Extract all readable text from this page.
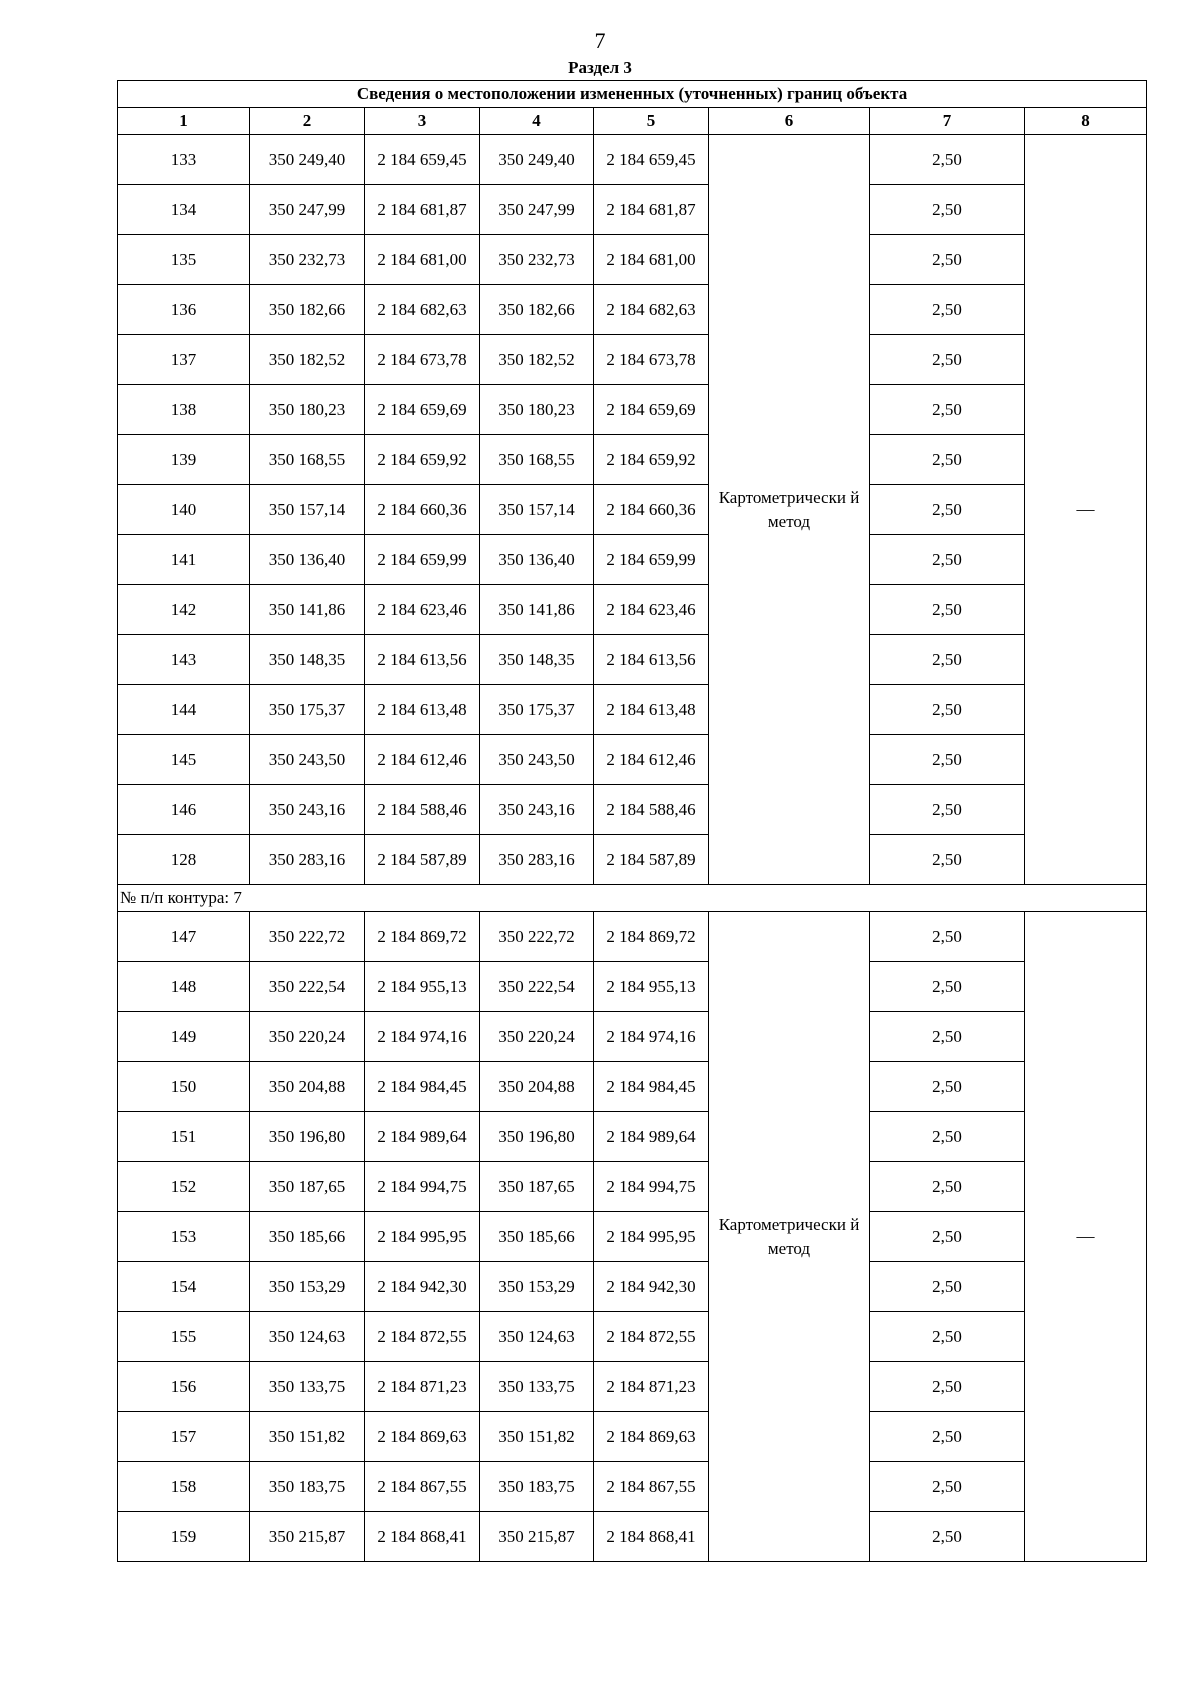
7
Раздел 3
Сведения о местоположении измененных (уточненных) границ объекта							
1	2	3	4	5	6	7	8
133	350 249,40	2 184 659,45	350 249,40	2 184 659,45	Картометрически й метод	2,50	—
134	350 247,99	2 184 681,87	350 247,99	2 184 681,87		2,50	
135	350 232,73	2 184 681,00	350 232,73	2 184 681,00		2,50	
136	350 182,66	2 184 682,63	350 182,66	2 184 682,63		2,50	
137	350 182,52	2 184 673,78	350 182,52	2 184 673,78		2,50	
138	350 180,23	2 184 659,69	350 180,23	2 184 659,69		2,50	
139	350 168,55	2 184 659,92	350 168,55	2 184 659,92		2,50	
140	350 157,14	2 184 660,36	350 157,14	2 184 660,36		2,50	
141	350 136,40	2 184 659,99	350 136,40	2 184 659,99		2,50	
142	350 141,86	2 184 623,46	350 141,86	2 184 623,46		2,50	
143	350 148,35	2 184 613,56	350 148,35	2 184 613,56		2,50	
144	350 175,37	2 184 613,48	350 175,37	2 184 613,48		2,50	
145	350 243,50	2 184 612,46	350 243,50	2 184 612,46		2,50	
146	350 243,16	2 184 588,46	350 243,16	2 184 588,46		2,50	
128	350 283,16	2 184 587,89	350 283,16	2 184 587,89		2,50	
№ п/п контура: 7							
147	350 222,72	2 184 869,72	350 222,72	2 184 869,72	Картометрически й метод	2,50	—
148	350 222,54	2 184 955,13	350 222,54	2 184 955,13		2,50	
149	350 220,24	2 184 974,16	350 220,24	2 184 974,16		2,50	
150	350 204,88	2 184 984,45	350 204,88	2 184 984,45		2,50	
151	350 196,80	2 184 989,64	350 196,80	2 184 989,64		2,50	
152	350 187,65	2 184 994,75	350 187,65	2 184 994,75		2,50	
153	350 185,66	2 184 995,95	350 185,66	2 184 995,95		2,50	
154	350 153,29	2 184 942,30	350 153,29	2 184 942,30		2,50	
155	350 124,63	2 184 872,55	350 124,63	2 184 872,55		2,50	
156	350 133,75	2 184 871,23	350 133,75	2 184 871,23		2,50	
157	350 151,82	2 184 869,63	350 151,82	2 184 869,63		2,50	
158	350 183,75	2 184 867,55	350 183,75	2 184 867,55		2,50	
159	350 215,87	2 184 868,41	350 215,87	2 184 868,41		2,50	
